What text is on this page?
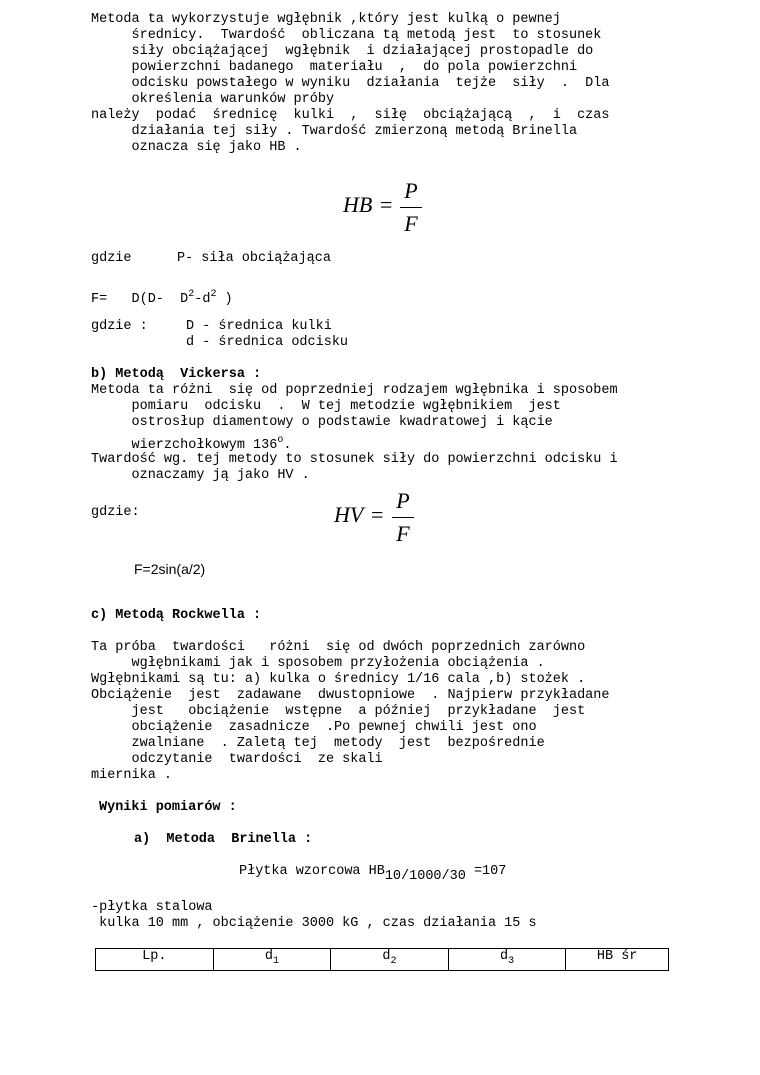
Metoda ta wykorzystuje wgłębnik ,który jest kulką o pewnej
średnicy.  Twardość  obliczana tą metodą jest  to stosunek
siły obciążającej  wgłębnik  i działającej prostopadle do
powierzchni badanego  materiału  ,  do pola powierzchni
odcisku powstałego w wyniku  działania  tejże  siły  .  Dla
określenia warunków próby
należy  podać  średnicę  kulki  ,  siłę  obciążającą  ,  i  czas
działania tej siły . Twardość zmierzoną metodą Brinella
oznacza się jako HB .
HB =
P
F
gdzie	P- siła obciążająca
F=   D(D-  $D^2-d^2$ )
gdzie :	D - średnica kulki
d - średnica odcisku
b) Metodą  Vickersa :
Metoda ta różni  się od poprzedniej rodzajem wgłębnika i sposobem
pomiaru  odcisku  .  W tej metodzie wgłębnikiem  jest
ostrosłup diamentowy o podstawie kwadratowej i kącie
wierzchołkowym 136$^o$.
Twardość wg. tej metody to stosunek siły do powierzchni odcisku i
oznaczamy ją jako HV .
gdzie:	HV =
P
F
F=2sin(a/2)
c) Metodą Rockwella :
Ta próba  twardości   różni  się od dwóch poprzednich zarówno
wgłębnikami jak i sposobem przyłożenia obciążenia .
Wgłębnikami są tu: a) kulka o średnicy 1/16 cala ,b) stożek .
Obciążenie  jest  zadawane  dwustopniowe  . Najpierw przykładane
jest   obciążenie  wstępne  a później  przykładane  jest
obciążenie  zasadnicze  .Po pewnej chwili jest ono
zwalniane  . Zaletą tej  metody  jest  bezpośrednie
odczytanie  twardości  ze skali
miernika .
Wyniki pomiarów :
a)  Metoda  Brinella :
Płytka wzorcowa $HB_{10/1000/30} =107$
-płytka stalowa
kulka 10 mm , obciążenie 3000 kG , czas działania 15 s
Lp.	$d_1$	$d_2$	$d_3$	HB śr
